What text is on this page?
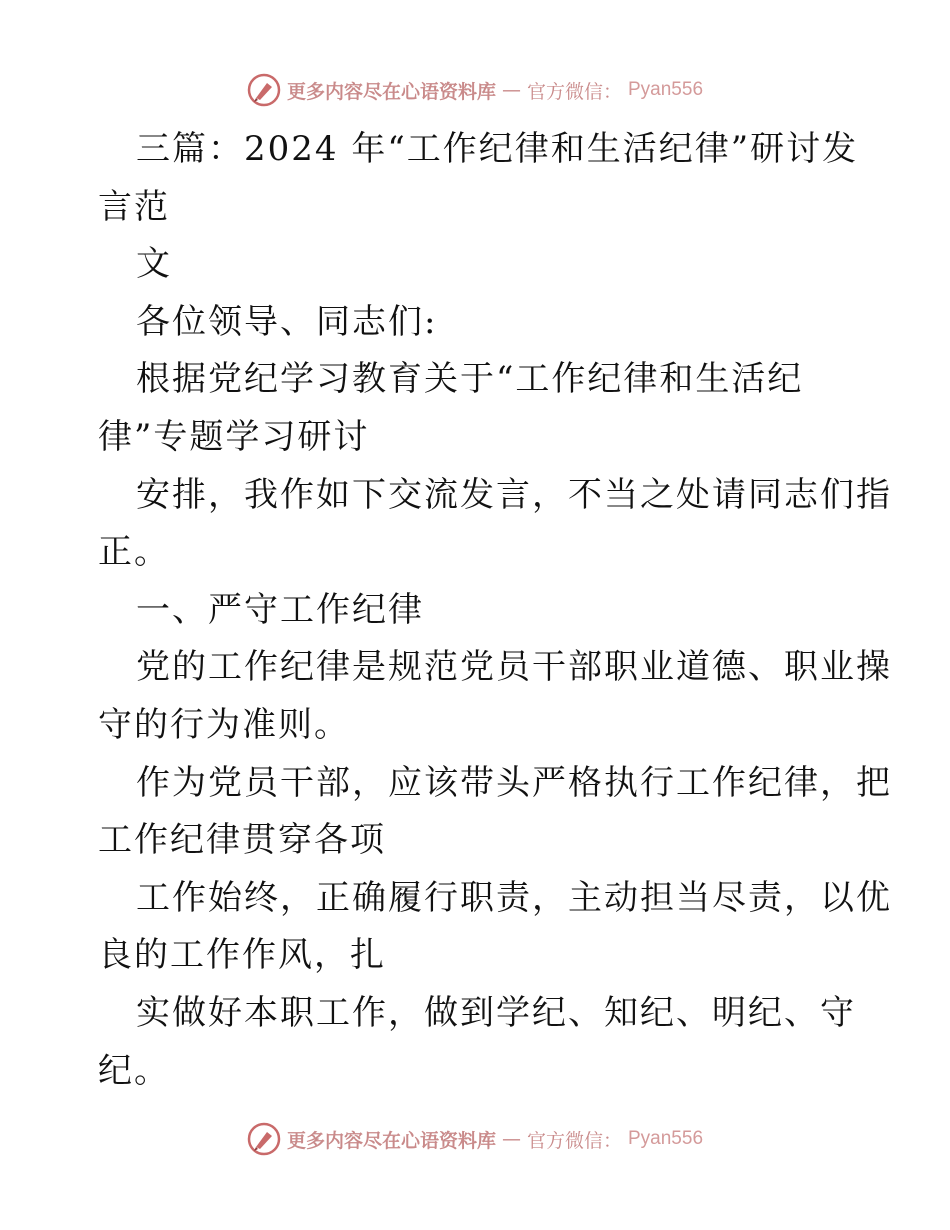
更多内容尽在心语资料库 — 官方微信： Pyan556
三篇：2024 年“工作纪律和生活纪律”研讨发
言范
文
各位领导、同志们:
根据党纪学习教育关于“工作纪律和生活纪
律”专题学习研讨
安排，我作如下交流发言，不当之处请同志们指
正。
一、严守工作纪律
党的工作纪律是规范党员干部职业道德、职业操
守的行为准则。
作为党员干部，应该带头严格执行工作纪律，把
工作纪律贯穿各项
工作始终，正确履行职责，主动担当尽责，以优
良的工作作风，扎
实做好本职工作，做到学纪、知纪、明纪、守
纪。
更多内容尽在心语资料库 — 官方微信： Pyan556
